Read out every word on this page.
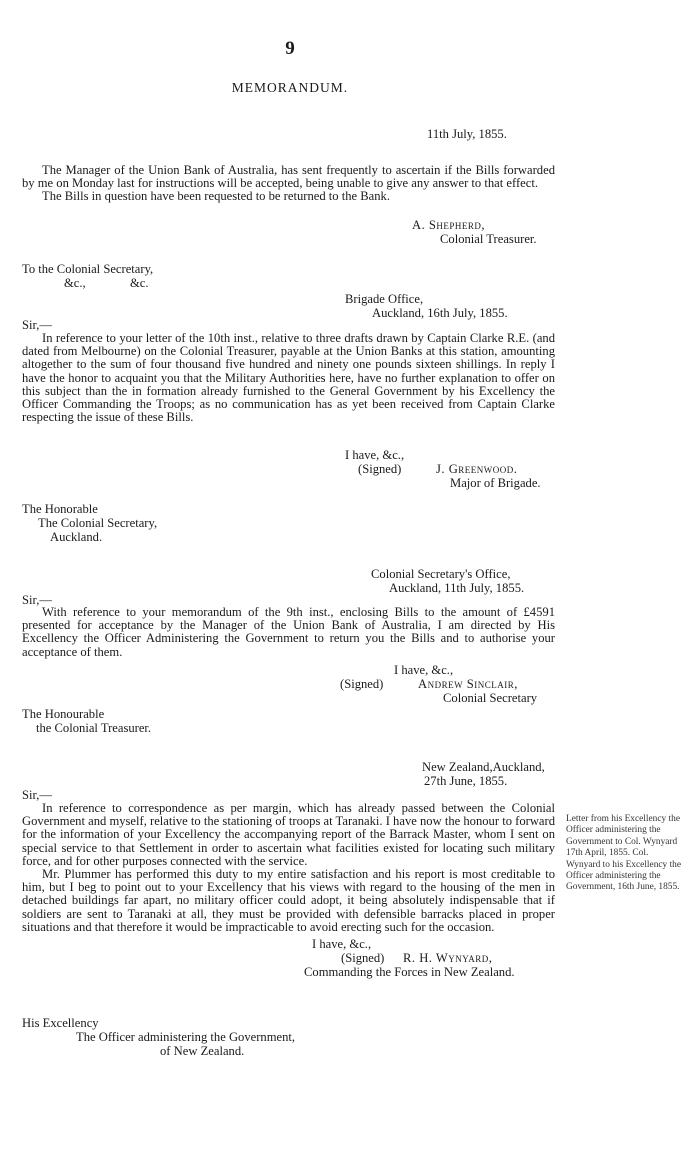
9
MEMORANDUM.
11th July, 1855.

The Manager of the Union Bank of Australia, has sent frequently to ascertain if the Bills forwarded by me on Monday last for instructions will be accepted, being unable to give any answer to that effect.

The Bills in question have been requested to be returned to the Bank.

A. Shepherd,
Colonial Treasurer.
To the Colonial Secretary,
&c.,	&c.
Brigade Office,
Auckland, 16th July, 1855.
Sir,—

In reference to your letter of the 10th inst., relative to three drafts drawn by Captain Clarke R.E. (and dated from Melbourne) on the Colonial Treasurer, payable at the Union Banks at this station, amounting altogether to the sum of four thousand five hundred and ninety one pounds sixteen shillings. In reply I have the honor to acquaint you that the Military Authorities here, have no further explanation to offer on this subject than the in formation already furnished to the General Government by his Excellency the Officer Commanding the Troops; as no communication has as yet been received from Captain Clarke respecting the issue of these Bills.

I have, &c.,
(Signed)	J. Greenwood.
Major of Brigade.
The Honorable
The Colonial Secretary,
Auckland.
Colonial Secretary's Office,
Auckland, 11th July, 1855.
Sir,—

With reference to your memorandum of the 9th inst., enclosing Bills to the amount of £4591 presented for acceptance by the Manager of the Union Bank of Australia, I am directed by His Excellency the Officer Administering the Government to return you the Bills and to authorise your acceptance of them.

I have, &c.,
(Signed)	Andrew Sinclair,
Colonial Secretary
The Honourable
the Colonial Treasurer.
New Zealand,Auckland,
27th June, 1855.
Sir,—

In reference to correspondence as per margin, which has already passed between the Colonial Government and myself, relative to the stationing of troops at Taranaki. I have now the honour to forward for the information of your Excellency the accompanying report of the Barrack Master, whom I sent on special service to that Settlement in order to ascertain what facilities existed for locating such military force, and for other purposes connected with the service.

Mr. Plummer has performed this duty to my entire satisfaction and his report is most creditable to him, but I beg to point out to your Excellency that his views with regard to the housing of the men in detached buildings far apart, no military officer could adopt, it being absolutely indispensable that if soldiers are sent to Taranaki at all, they must be provided with defensible barracks placed in proper situations and that therefore it would be impracticable to avoid erecting such for the occasion.

Letter from his Excellency the Officer administering the Government to Col. Wynyard 17th April, 1855. Col. Wynyard to his Excellency the Officer administering the Government, 16th June, 1855.
I have, &c.,
(Signed) R. H. Wynyard,
Commanding the Forces in New Zealand.
His Excellency
The Officer administering the Government,
of New Zealand.
